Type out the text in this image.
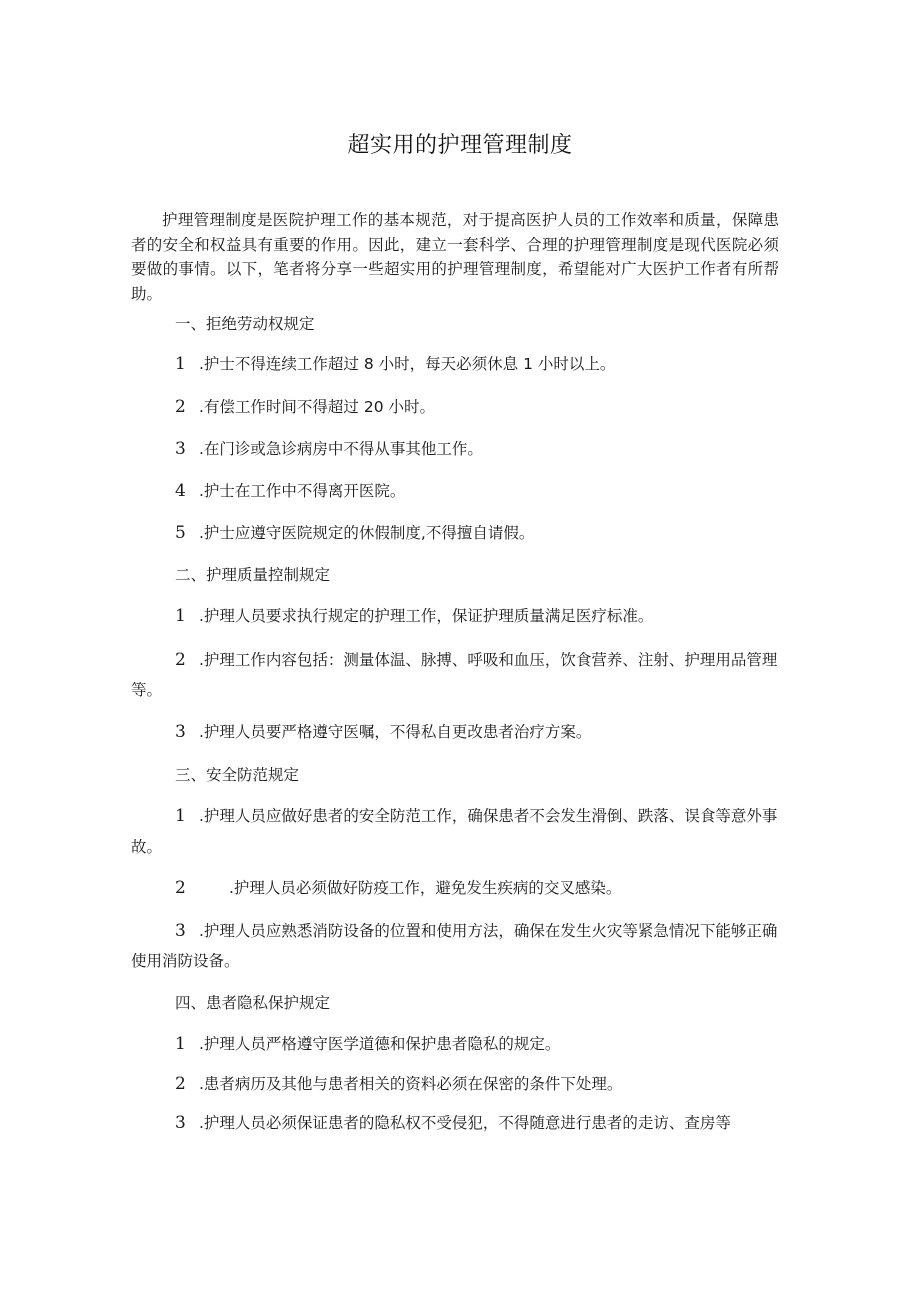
超实用的护理管理制度
护理管理制度是医院护理工作的基本规范，对于提高医护人员的工作效率和质量，保障患者的安全和权益具有重要的作用。因此，建立一套科学、合理的护理管理制度是现代医院必须要做的事情。以下，笔者将分享一些超实用的护理管理制度，希望能对广大医护工作者有所帮助。
一、拒绝劳动权规定
1 .护士不得连续工作超过 8 小时，每天必须休息 1 小时以上。
2 .有偿工作时间不得超过 20 小时。
3 .在门诊或急诊病房中不得从事其他工作。
4 .护士在工作中不得离开医院。
5 .护士应遵守医院规定的休假制度,不得擅自请假。
二、护理质量控制规定
1 .护理人员要求执行规定的护理工作，保证护理质量满足医疗标准。
2 .护理工作内容包括：测量体温、脉搏、呼吸和血压，饮食营养、注射、护理用品管理
等。
3 .护理人员要严格遵守医嘱，不得私自更改患者治疗方案。
三、安全防范规定
1 .护理人员应做好患者的安全防范工作，确保患者不会发生滑倒、跌落、误食等意外事
故。
2	.护理人员必须做好防疫工作，避免发生疾病的交叉感染。
3 .护理人员应熟悉消防设备的位置和使用方法，确保在发生火灾等紧急情况下能够正确
使用消防设备。
四、患者隐私保护规定
1 .护理人员严格遵守医学道德和保护患者隐私的规定。
2 .患者病历及其他与患者相关的资料必须在保密的条件下处理。
3 .护理人员必须保证患者的隐私权不受侵犯，不得随意进行患者的走访、查房等
